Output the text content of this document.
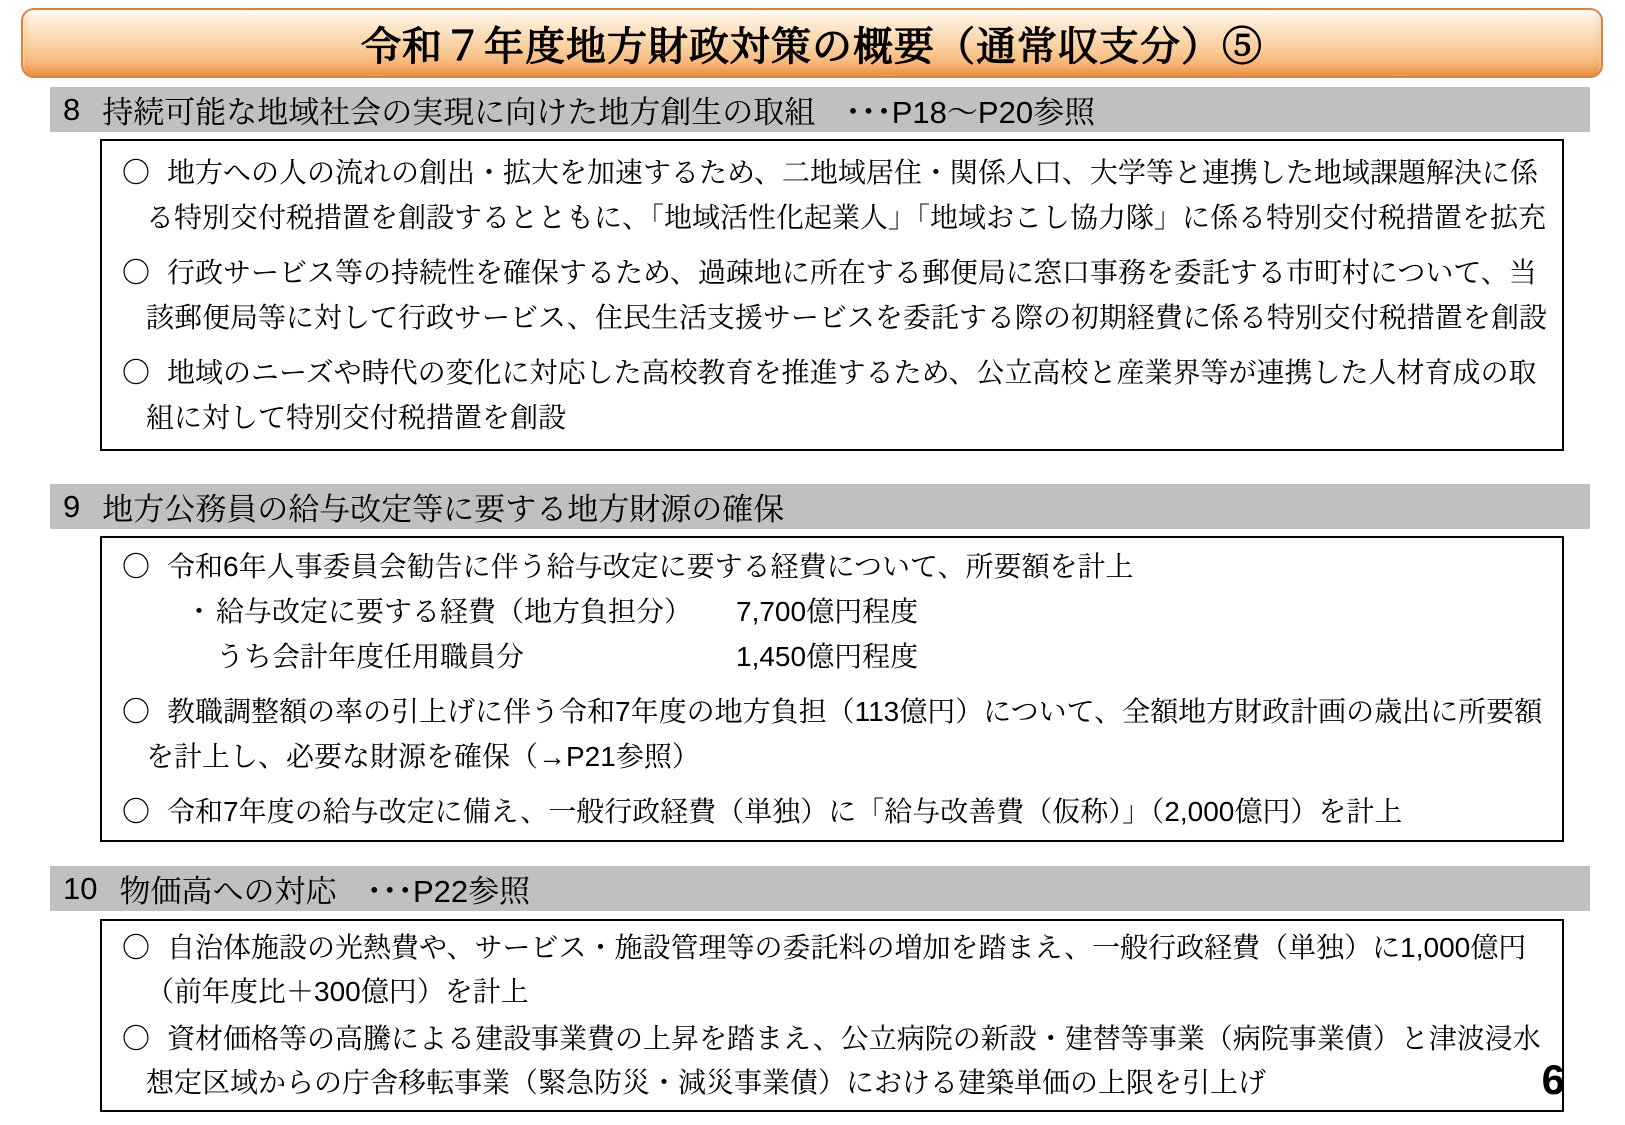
令和７年度地方財政対策の概要（通常収支分）⑤
8 持続可能な地域社会の実現に向けた地方創生の取組 ･･･P18～P20参照
〇 地方への人の流れの創出・拡大を加速するため、二地域居住・関係人口、大学等と連携した地域課題解決に係る特別交付税措置を創設するとともに、「地域活性化起業人」「地域おこし協力隊」に係る特別交付税措置を拡充
〇 行政サービス等の持続性を確保するため、過疎地に所在する郵便局に窓口事務を委託する市町村について、当該郵便局等に対して行政サービス、住民生活支援サービスを委託する際の初期経費に係る特別交付税措置を創設
〇 地域のニーズや時代の変化に対応した高校教育を推進するため、公立高校と産業界等が連携した人材育成の取組に対して特別交付税措置を創設
9 地方公務員の給与改定等に要する地方財源の確保
〇 令和6年人事委員会勧告に伴う給与改定に要する経費について、所要額を計上
・ 給与改定に要する経費（地方負担分）	7,700億円程度
うち会計年度任用職員分	1,450億円程度
〇 教職調整額の率の引上げに伴う令和7年度の地方負担（113億円）について、全額地方財政計画の歳出に所要額を計上し、必要な財源を確保（→P21参照）
〇 令和7年度の給与改定に備え、一般行政経費（単独）に「給与改善費（仮称）」（2,000億円）を計上
10 物価高への対応 ･･･P22参照
〇 自治体施設の光熱費や、サービス・施設管理等の委託料の増加を踏まえ、一般行政経費（単独）に1,000億円（前年度比＋300億円）を計上
〇 資材価格等の高騰による建設事業費の上昇を踏まえ、公立病院の新設・建替等事業（病院事業債）と津波浸水想定区域からの庁舎移転事業（緊急防災・減災事業債）における建築単価の上限を引上げ	6
